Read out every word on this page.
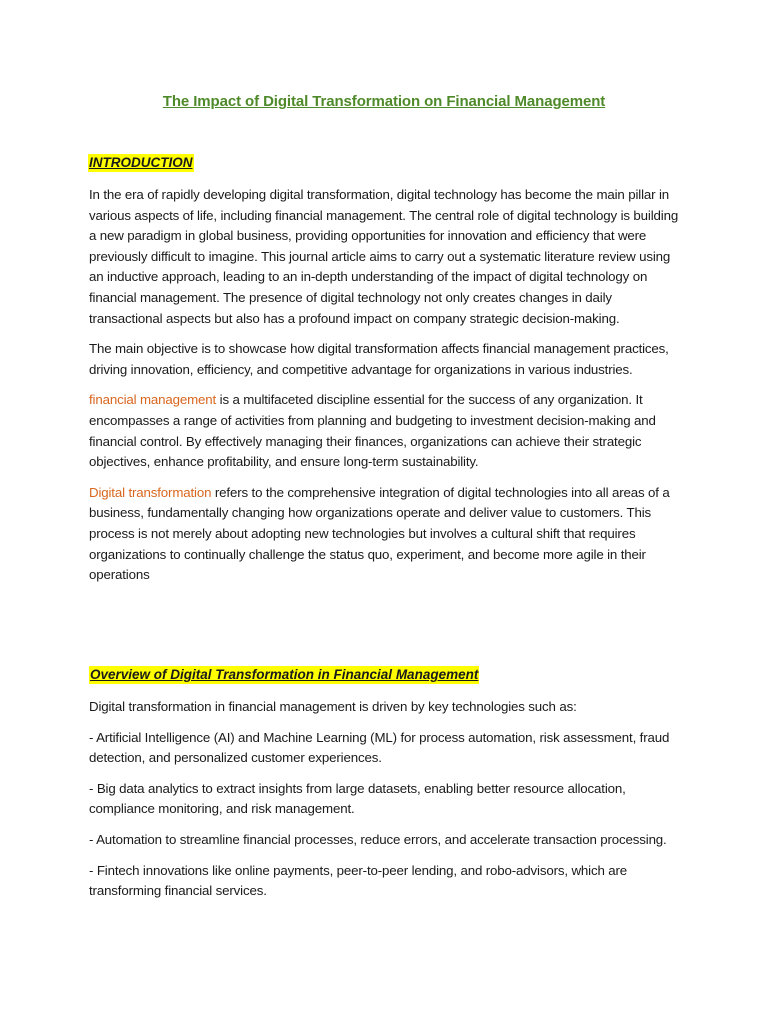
The Impact of Digital Transformation on Financial Management
INTRODUCTION

In the era of rapidly developing digital transformation, digital technology has become the main pillar in various aspects of life, including financial management. The central role of digital technology is building a new paradigm in global business, providing opportunities for innovation and efficiency that were previously difficult to imagine. This journal article aims to carry out a systematic literature review using an inductive approach, leading to an in-depth understanding of the impact of digital technology on financial management. The presence of digital technology not only creates changes in daily transactional aspects but also has a profound impact on company strategic decision-making.

The main objective is to showcase how digital transformation affects financial management practices, driving innovation, efficiency, and competitive advantage for organizations in various industries.

financial management is a multifaceted discipline essential for the success of any organization. It encompasses a range of activities from planning and budgeting to investment decision-making and financial control. By effectively managing their finances, organizations can achieve their strategic objectives, enhance profitability, and ensure long-term sustainability.

Digital transformation refers to the comprehensive integration of digital technologies into all areas of a business, fundamentally changing how organizations operate and deliver value to customers. This process is not merely about adopting new technologies but involves a cultural shift that requires organizations to continually challenge the status quo, experiment, and become more agile in their operations

Overview of Digital Transformation in Financial Management

Digital transformation in financial management is driven by key technologies such as:

- Artificial Intelligence (AI) and Machine Learning (ML) for process automation, risk assessment, fraud detection, and personalized customer experiences.

- Big data analytics to extract insights from large datasets, enabling better resource allocation, compliance monitoring, and risk management.

- Automation to streamline financial processes, reduce errors, and accelerate transaction processing.

- Fintech innovations like online payments, peer-to-peer lending, and robo-advisors, which are transforming financial services.
